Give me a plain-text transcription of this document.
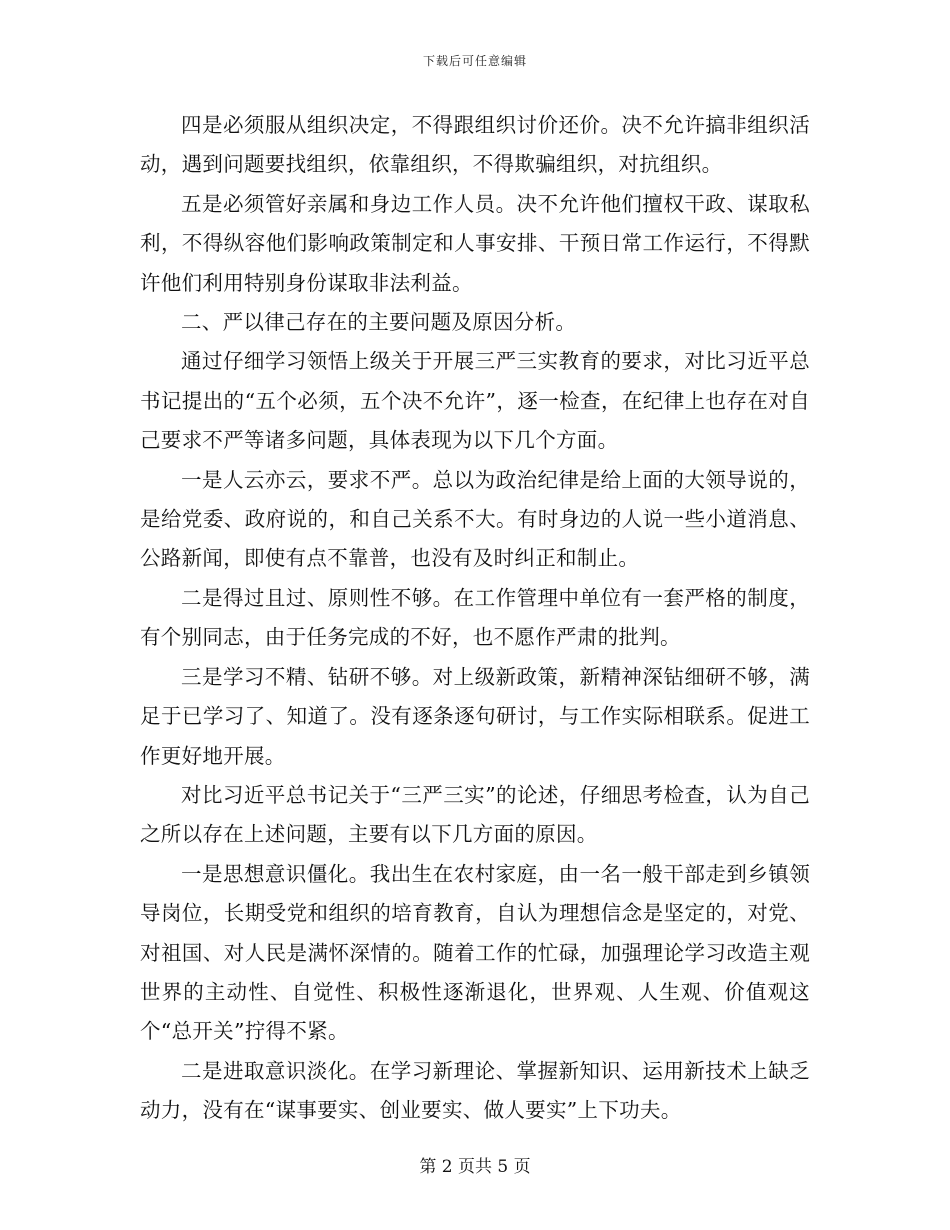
下载后可任意编辑

四是必须服从组织决定，不得跟组织讨价还价。决不允许搞非组织活动，遇到问题要找组织，依靠组织，不得欺骗组织，对抗组织。

五是必须管好亲属和身边工作人员。决不允许他们擅权干政、谋取私利，不得纵容他们影响政策制定和人事安排、干预日常工作运行，不得默许他们利用特别身份谋取非法利益。

二、严以律己存在的主要问题及原因分析。

通过仔细学习领悟上级关于开展三严三实教育的要求，对比习近平总书记提出的“五个必须，五个决不允许”，逐一检查，在纪律上也存在对自己要求不严等诸多问题，具体表现为以下几个方面。

一是人云亦云，要求不严。总以为政治纪律是给上面的大领导说的，是给党委、政府说的，和自己关系不大。有时身边的人说一些小道消息、公路新闻，即使有点不靠普，也没有及时纠正和制止。

二是得过且过、原则性不够。在工作管理中单位有一套严格的制度，有个别同志，由于任务完成的不好，也不愿作严肃的批判。

三是学习不精、钻研不够。对上级新政策，新精神深钻细研不够，满足于已学习了、知道了。没有逐条逐句研讨，与工作实际相联系。促进工作更好地开展。

对比习近平总书记关于“三严三实”的论述，仔细思考检查，认为自己之所以存在上述问题，主要有以下几方面的原因。

一是思想意识僵化。我出生在农村家庭，由一名一般干部走到乡镇领导岗位，长期受党和组织的培育教育，自认为理想信念是坚定的，对党、对祖国、对人民是满怀深情的。随着工作的忙碌，加强理论学习改造主观世界的主动性、自觉性、积极性逐渐退化，世界观、人生观、价值观这个“总开关”拧得不紧。

二是进取意识淡化。在学习新理论、掌握新知识、运用新技术上缺乏动力，没有在“谋事要实、创业要实、做人要实”上下功夫。

第 2 页共 5 页
